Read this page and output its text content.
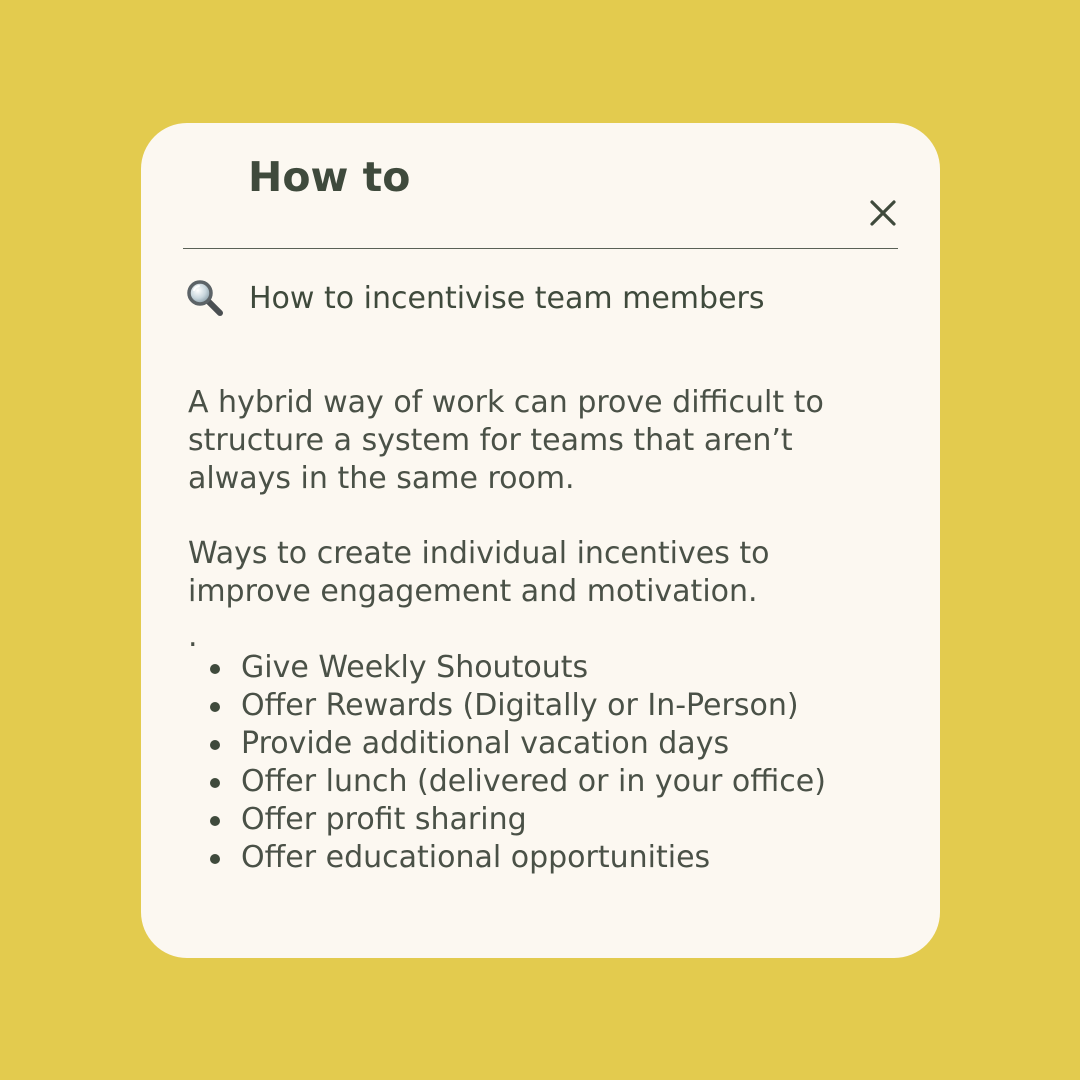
How to
How to incentivise team members

A hybrid way of work can prove difficult to structure a system for teams that aren’t always in the same room.

Ways to create individual incentives to improve engagement and motivation.

.
Give Weekly Shoutouts
Offer Rewards (Digitally or In-Person)
Provide additional vacation days
Offer lunch (delivered or in your office)
Offer profit sharing
Offer educational opportunities
